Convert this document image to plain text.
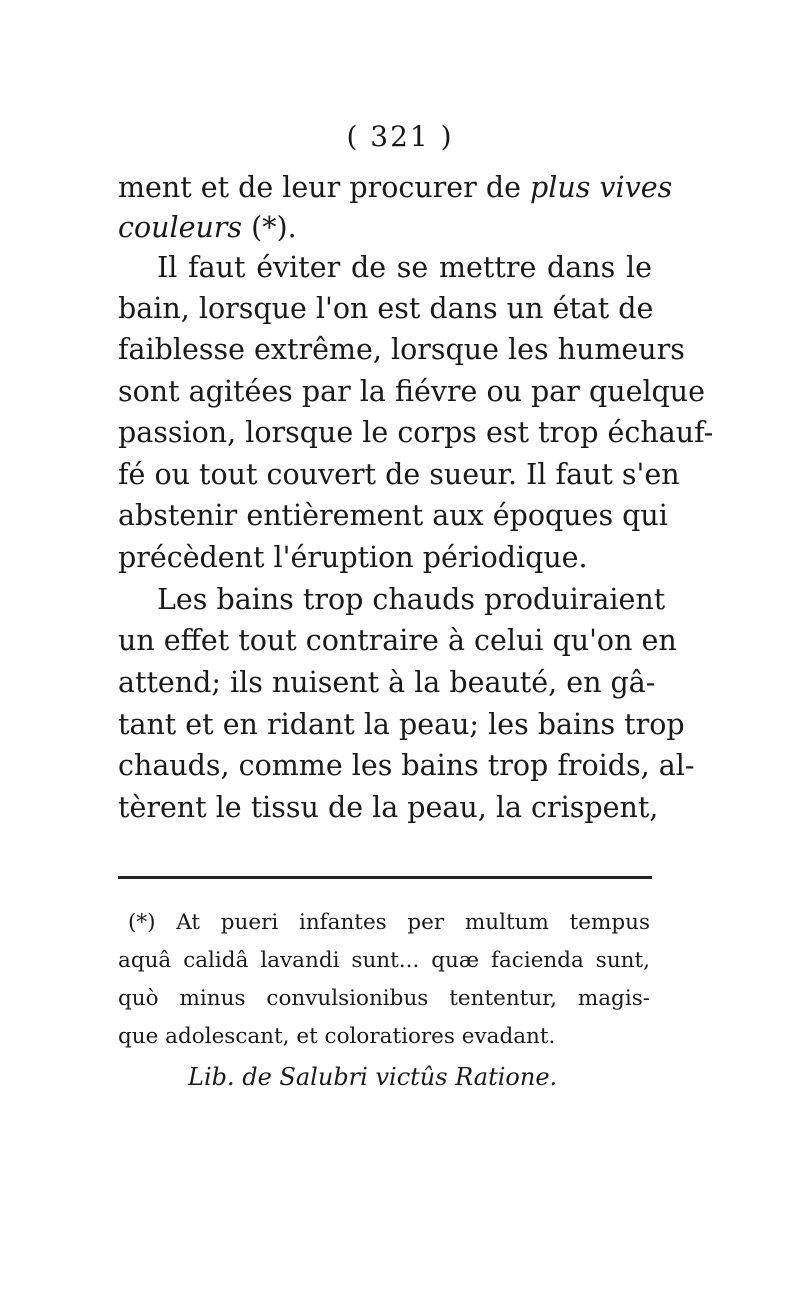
( 321 )
ment et de leur procurer de plus vives
couleurs (*).
Il faut éviter de se mettre dans le
bain, lorsque l'on est dans un état de
faiblesse extrême, lorsque les humeurs
sont agitées par la fiévre ou par quelque
passion, lorsque le corps est trop échauf-
fé ou tout couvert de sueur. Il faut s'en
abstenir entièrement aux époques qui
précèdent l'éruption périodique.
Les bains trop chauds produiraient
un effet tout contraire à celui qu'on en
attend; ils nuisent à la beauté, en gâ-
tant et en ridant la peau; les bains trop
chauds, comme les bains trop froids, al-
tèrent le tissu de la peau, la crispent,
(*) At pueri infantes per multum tempus
aquâ calidâ lavandi sunt... quæ facienda sunt,
quò minus convulsionibus tententur, magis-
que adolescant, et coloratiores evadant.
Lib. de Salubri victûs Ratione.
